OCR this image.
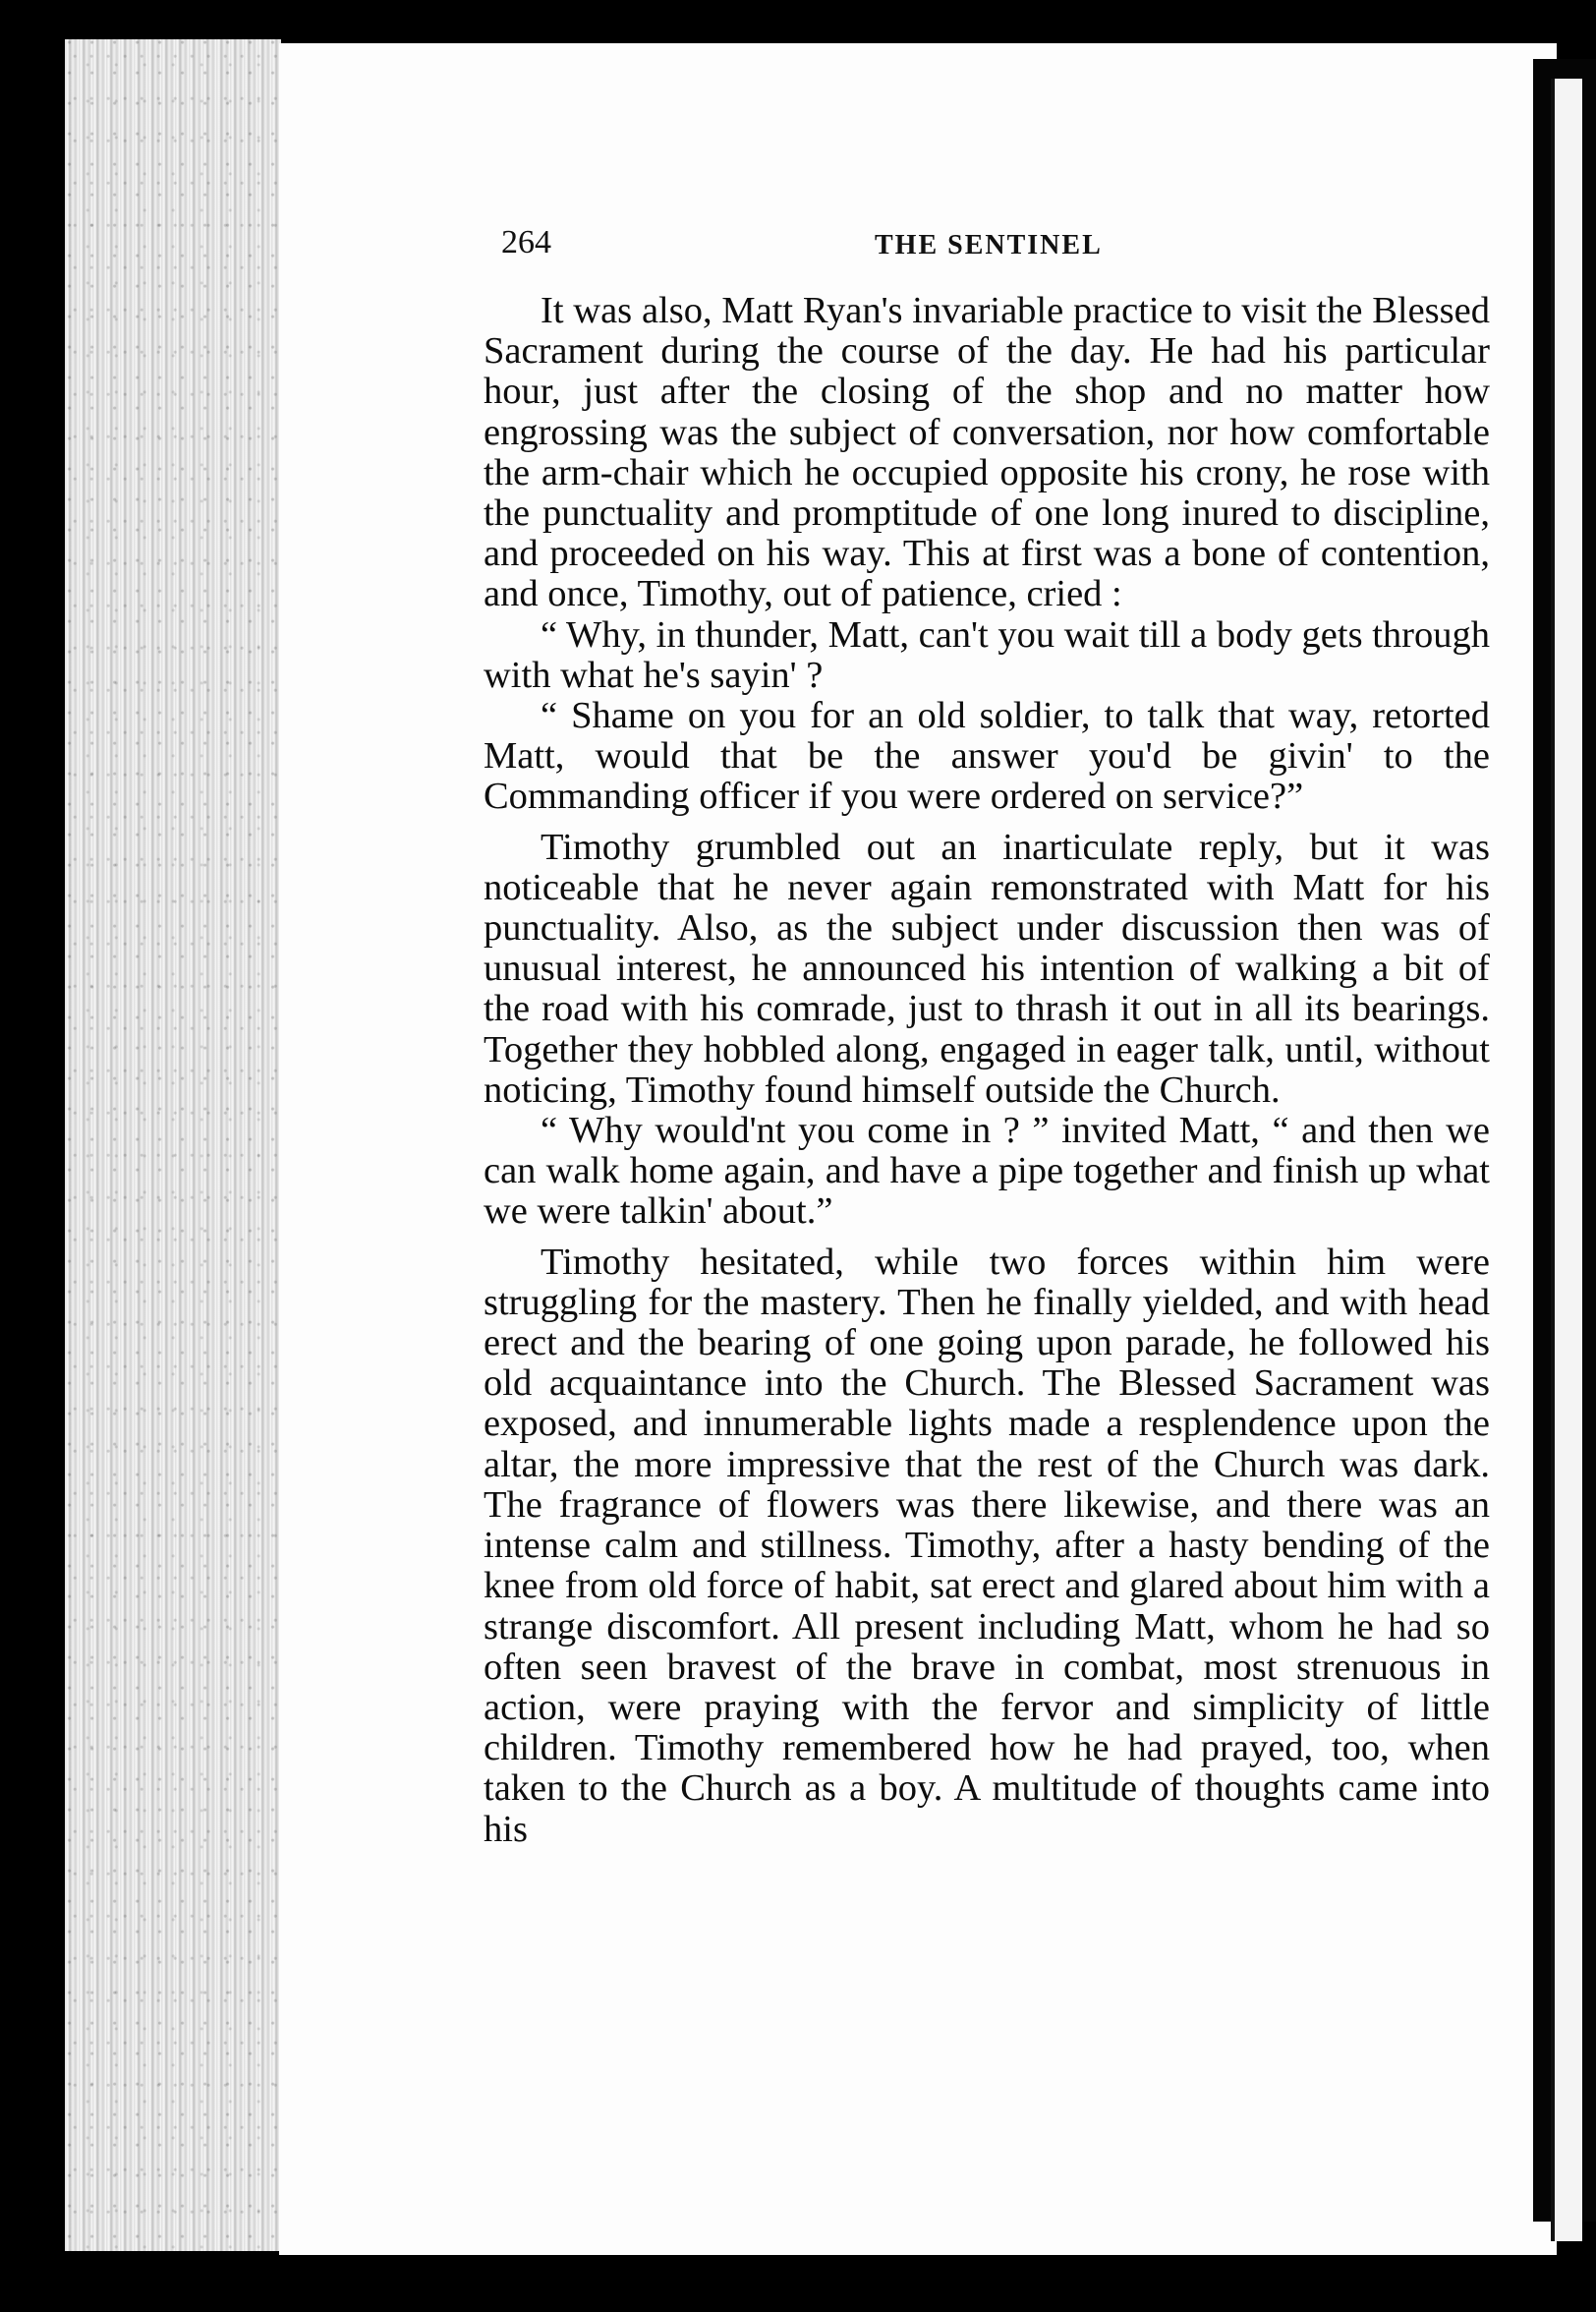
264	THE SENTINEL

It was also, Matt Ryan's invariable practice to visit the Blessed Sacrament during the course of the day. He had his particular hour, just after the closing of the shop and no matter how engrossing was the subject of conversation, nor how comfortable the arm-chair which he occupied opposite his crony, he rose with the punctuality and promptitude of one long inured to discipline, and proceeded on his way. This at first was a bone of contention, and once, Timothy, out of patience, cried :

“ Why, in thunder, Matt, can't you wait till a body gets through with what he's sayin' ?

“ Shame on you for an old soldier, to talk that way, retorted Matt, would that be the answer you'd be givin' to the Commanding officer if you were ordered on service?”

Timothy grumbled out an inarticulate reply, but it was noticeable that he never again remonstrated with Matt for his punctuality. Also, as the subject under discussion then was of unusual interest, he announced his intention of walking a bit of the road with his comrade, just to thrash it out in all its bearings. Together they hobbled along, engaged in eager talk, until, without noticing, Timothy found himself outside the Church.

“ Why would'nt you come in ? ” invited Matt, “ and then we can walk home again, and have a pipe together and finish up what we were talkin' about.”

Timothy hesitated, while two forces within him were struggling for the mastery. Then he finally yielded, and with head erect and the bearing of one going upon parade, he followed his old acquaintance into the Church. The Blessed Sacrament was exposed, and innumerable lights made a resplendence upon the altar, the more impressive that the rest of the Church was dark. The fragrance of flowers was there likewise, and there was an intense calm and stillness. Timothy, after a hasty bending of the knee from old force of habit, sat erect and glared about him with a strange discomfort. All present including Matt, whom he had so often seen bravest of the brave in combat, most strenuous in action, were praying with the fervor and simplicity of little children. Timothy remembered how he had prayed, too, when taken to the Church as a boy. A multitude of thoughts came into his
